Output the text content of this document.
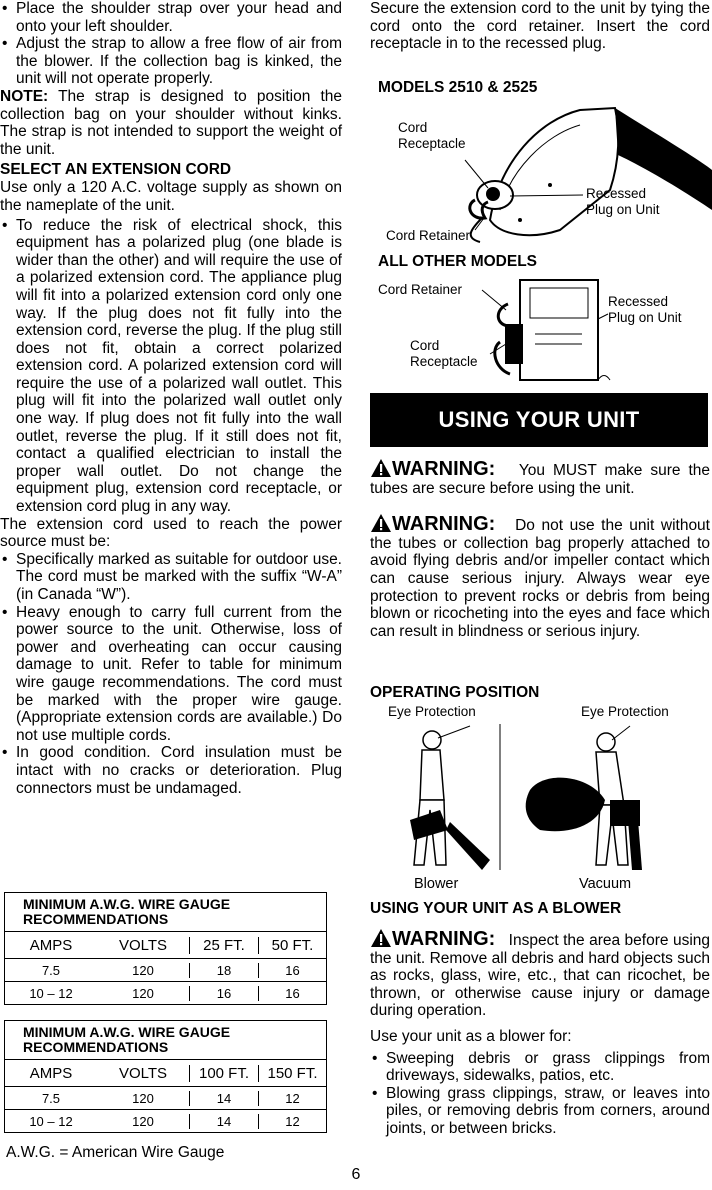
• Place the shoulder strap over your head and onto your left shoulder.

• Adjust the strap to allow a free flow of air from the blower. If the collection bag is kinked, the unit will not operate properly.

NOTE: The strap is designed to position the collection bag on your shoulder without kinks. The strap is not intended to support the weight of the unit.

SELECT AN EXTENSION CORD

Use only a 120 A.C. voltage supply as shown on the nameplate of the unit.

• To reduce the risk of electrical shock, this equipment has a polarized plug (one blade is wider than the other) and will require the use of a polarized extension cord. The appliance plug will fit into a polarized extension cord only one way. If the plug does not fit fully into the extension cord, reverse the plug. If the plug still does not fit, obtain a correct polarized extension cord. A polarized extension cord will require the use of a polarized wall outlet. This plug will fit into the polarized wall outlet only one way. If plug does not fit fully into the wall outlet, reverse the plug. If it still does not fit, contact a qualified electrician to install the proper wall outlet. Do not change the equipment plug, extension cord receptacle, or extension cord plug in any way.

The extension cord used to reach the power source must be:

• Specifically marked as suitable for outdoor use. The cord must be marked with the suffix “W-A” (in Canada “W”).

• Heavy enough to carry full current from the power source to the unit. Otherwise, loss of power and overheating can occur causing damage to unit. Refer to table for minimum wire gauge recommendations. The cord must be marked with the proper wire gauge. (Appropriate extension cords are available.) Do not use multiple cords.

• In good condition. Cord insulation must be intact with no cracks or deterioration. Plug connectors must be undamaged.

MINIMUM A.W.G. WIRE GAUGE RECOMMENDATIONS
AMPS	VOLTS	25 FT.	50 FT.
7.5	120	18	16
10 – 12	120	16	16
MINIMUM A.W.G. WIRE GAUGE RECOMMENDATIONS
AMPS	VOLTS	100 FT.	150 FT.
7.5	120	14	12
10 – 12	120	14	12
A.W.G. = American Wire Gauge

Secure the extension cord to the unit by tying the cord onto the cord retainer. Insert the cord receptacle in to the recessed plug.

MODELS 2510 & 2525
Cord Receptacle
Recessed Plug on Unit
Cord Retainer
ALL OTHER MODELS
Cord Retainer
Recessed Plug on Unit
Cord Receptacle
USING YOUR UNIT

WARNING: You MUST make sure the tubes are secure before using the unit.

WARNING: Do not use the unit without the tubes or collection bag properly attached to avoid flying debris and/or impeller contact which can cause serious injury. Always wear eye protection to prevent rocks or debris from being blown or ricocheting into the eyes and face which can result in blindness or serious injury.

OPERATING POSITION
Eye Protection	Eye Protection
Blower	Vacuum
USING YOUR UNIT AS A BLOWER

WARNING: Inspect the area before using the unit. Remove all debris and hard objects such as rocks, glass, wire, etc., that can ricochet, be thrown, or otherwise cause injury or damage during operation.

Use your unit as a blower for:

• Sweeping debris or grass clippings from driveways, sidewalks, patios, etc.

• Blowing grass clippings, straw, or leaves into piles, or removing debris from corners, around joints, or between bricks.

6
